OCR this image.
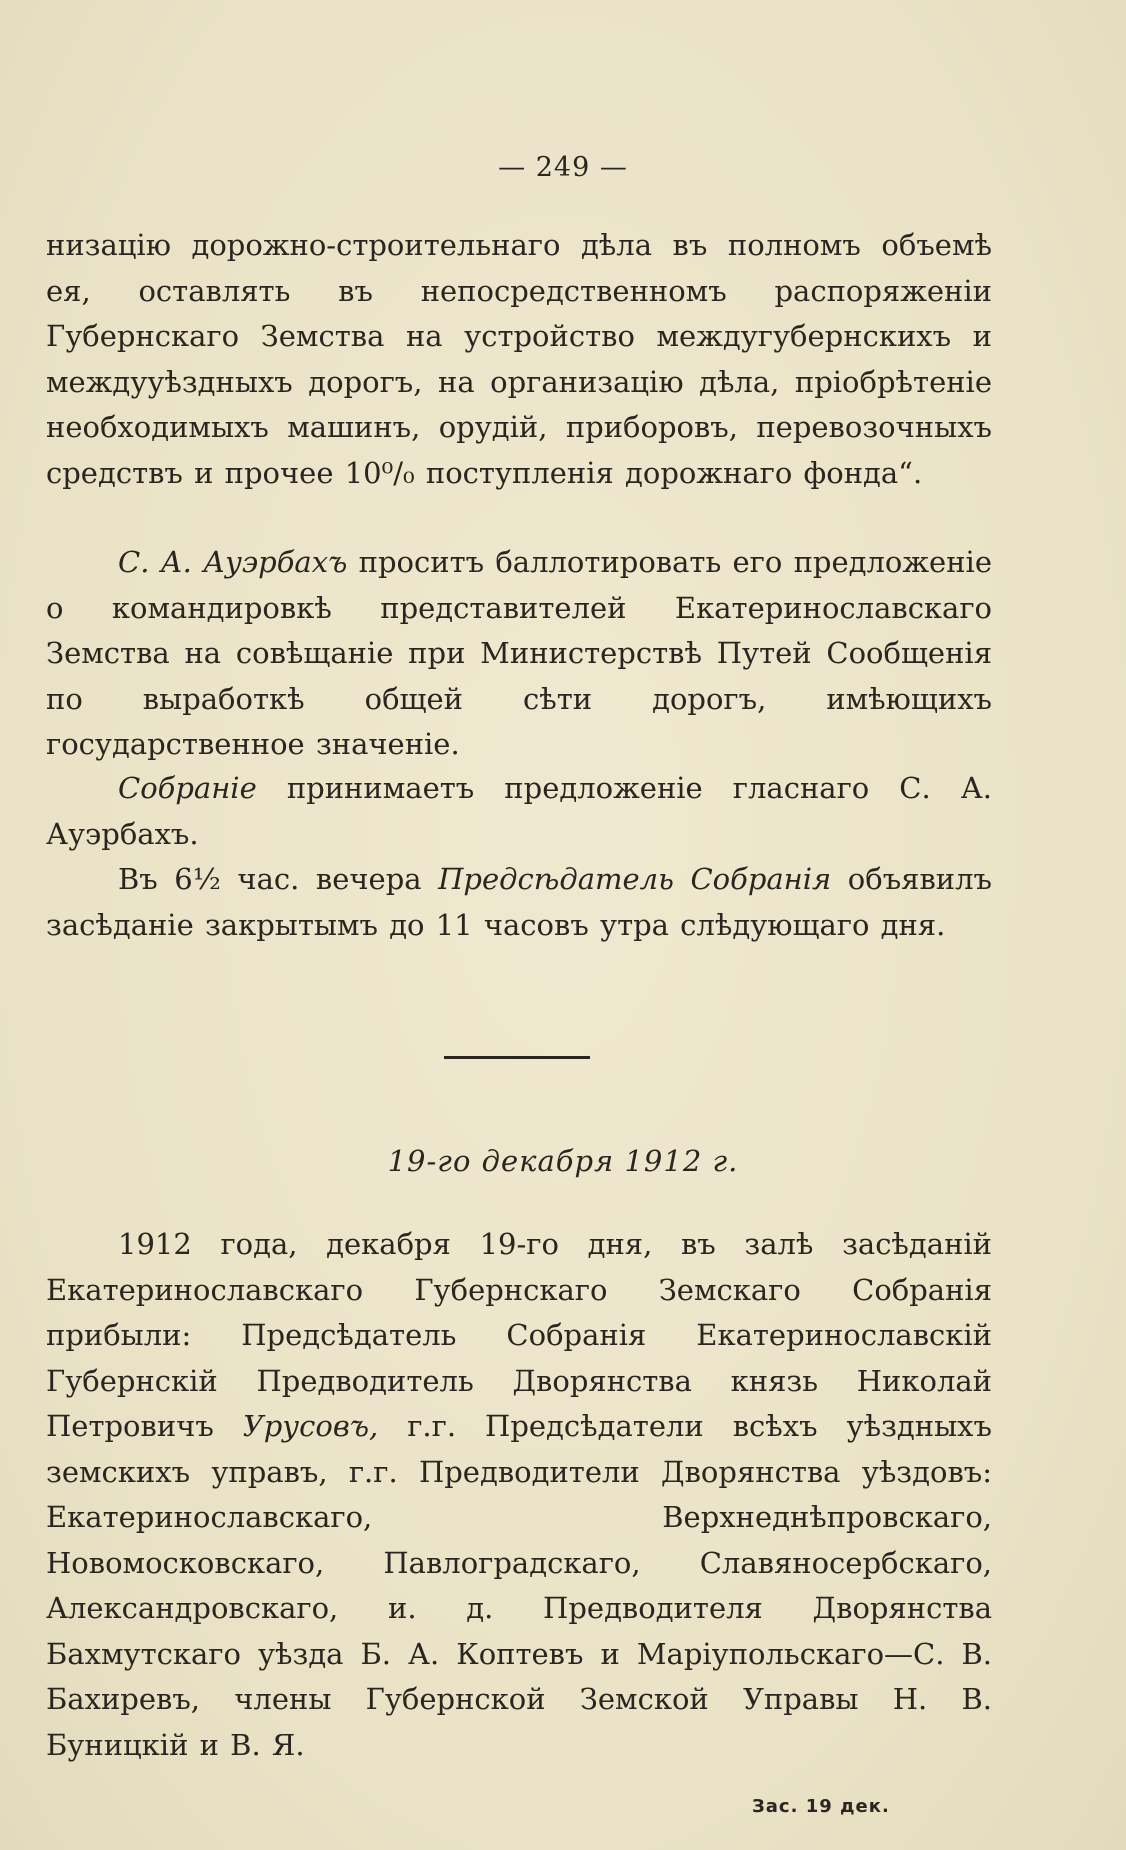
— 249 —

низацію дорожно-строительнаго дѣла въ полномъ объемѣ ея, оставлять въ непосредственномъ распоряженіи Губернскаго Земства на устройство междугубернскихъ и междууѣздныхъ дорогъ, на организацію дѣла, пріобрѣтеніе необходимыхъ машинъ, орудій, приборовъ, перевозочныхъ средствъ и прочее 10⁰/₀ поступленія дорожнаго фонда“.

С. А. Ауэрбахъ проситъ баллотировать его предложеніе о командировкѣ представителей Екатеринославскаго Земства на совѣщаніе при Министерствѣ Путей Сообщенія по выработкѣ общей сѣти дорогъ, имѣющихъ государственное значеніе.

Собраніе принимаетъ предложеніе гласнаго С. А. Ауэрбахъ.

Въ 6½ час. вечера Предсѣдатель Собранія объявилъ засѣданіе закрытымъ до 11 часовъ утра слѣдующаго дня.

19-го декабря 1912 г.

1912 года, декабря 19-го дня, въ залѣ засѣданій Екатеринославскаго Губернскаго Земскаго Собранія прибыли: Предсѣдатель Собранія Екатеринославскій Губернскій Предводитель Дворянства князь Николай Петровичъ Урусовъ, г.г. Предсѣдатели всѣхъ уѣздныхъ земскихъ управъ, г.г. Предводители Дворянства уѣздовъ: Екатеринославскаго, Верхнеднѣпровскаго, Новомосковскаго, Павлоградскаго, Славяносербскаго, Александровскаго, и. д. Предводителя Дворянства Бахмутскаго уѣзда Б. А. Коптевъ и Маріупольскаго—С. В. Бахиревъ, члены Губернской Земской Управы Н. В. Буницкій и В. Я.

Зас. 19 дек.
